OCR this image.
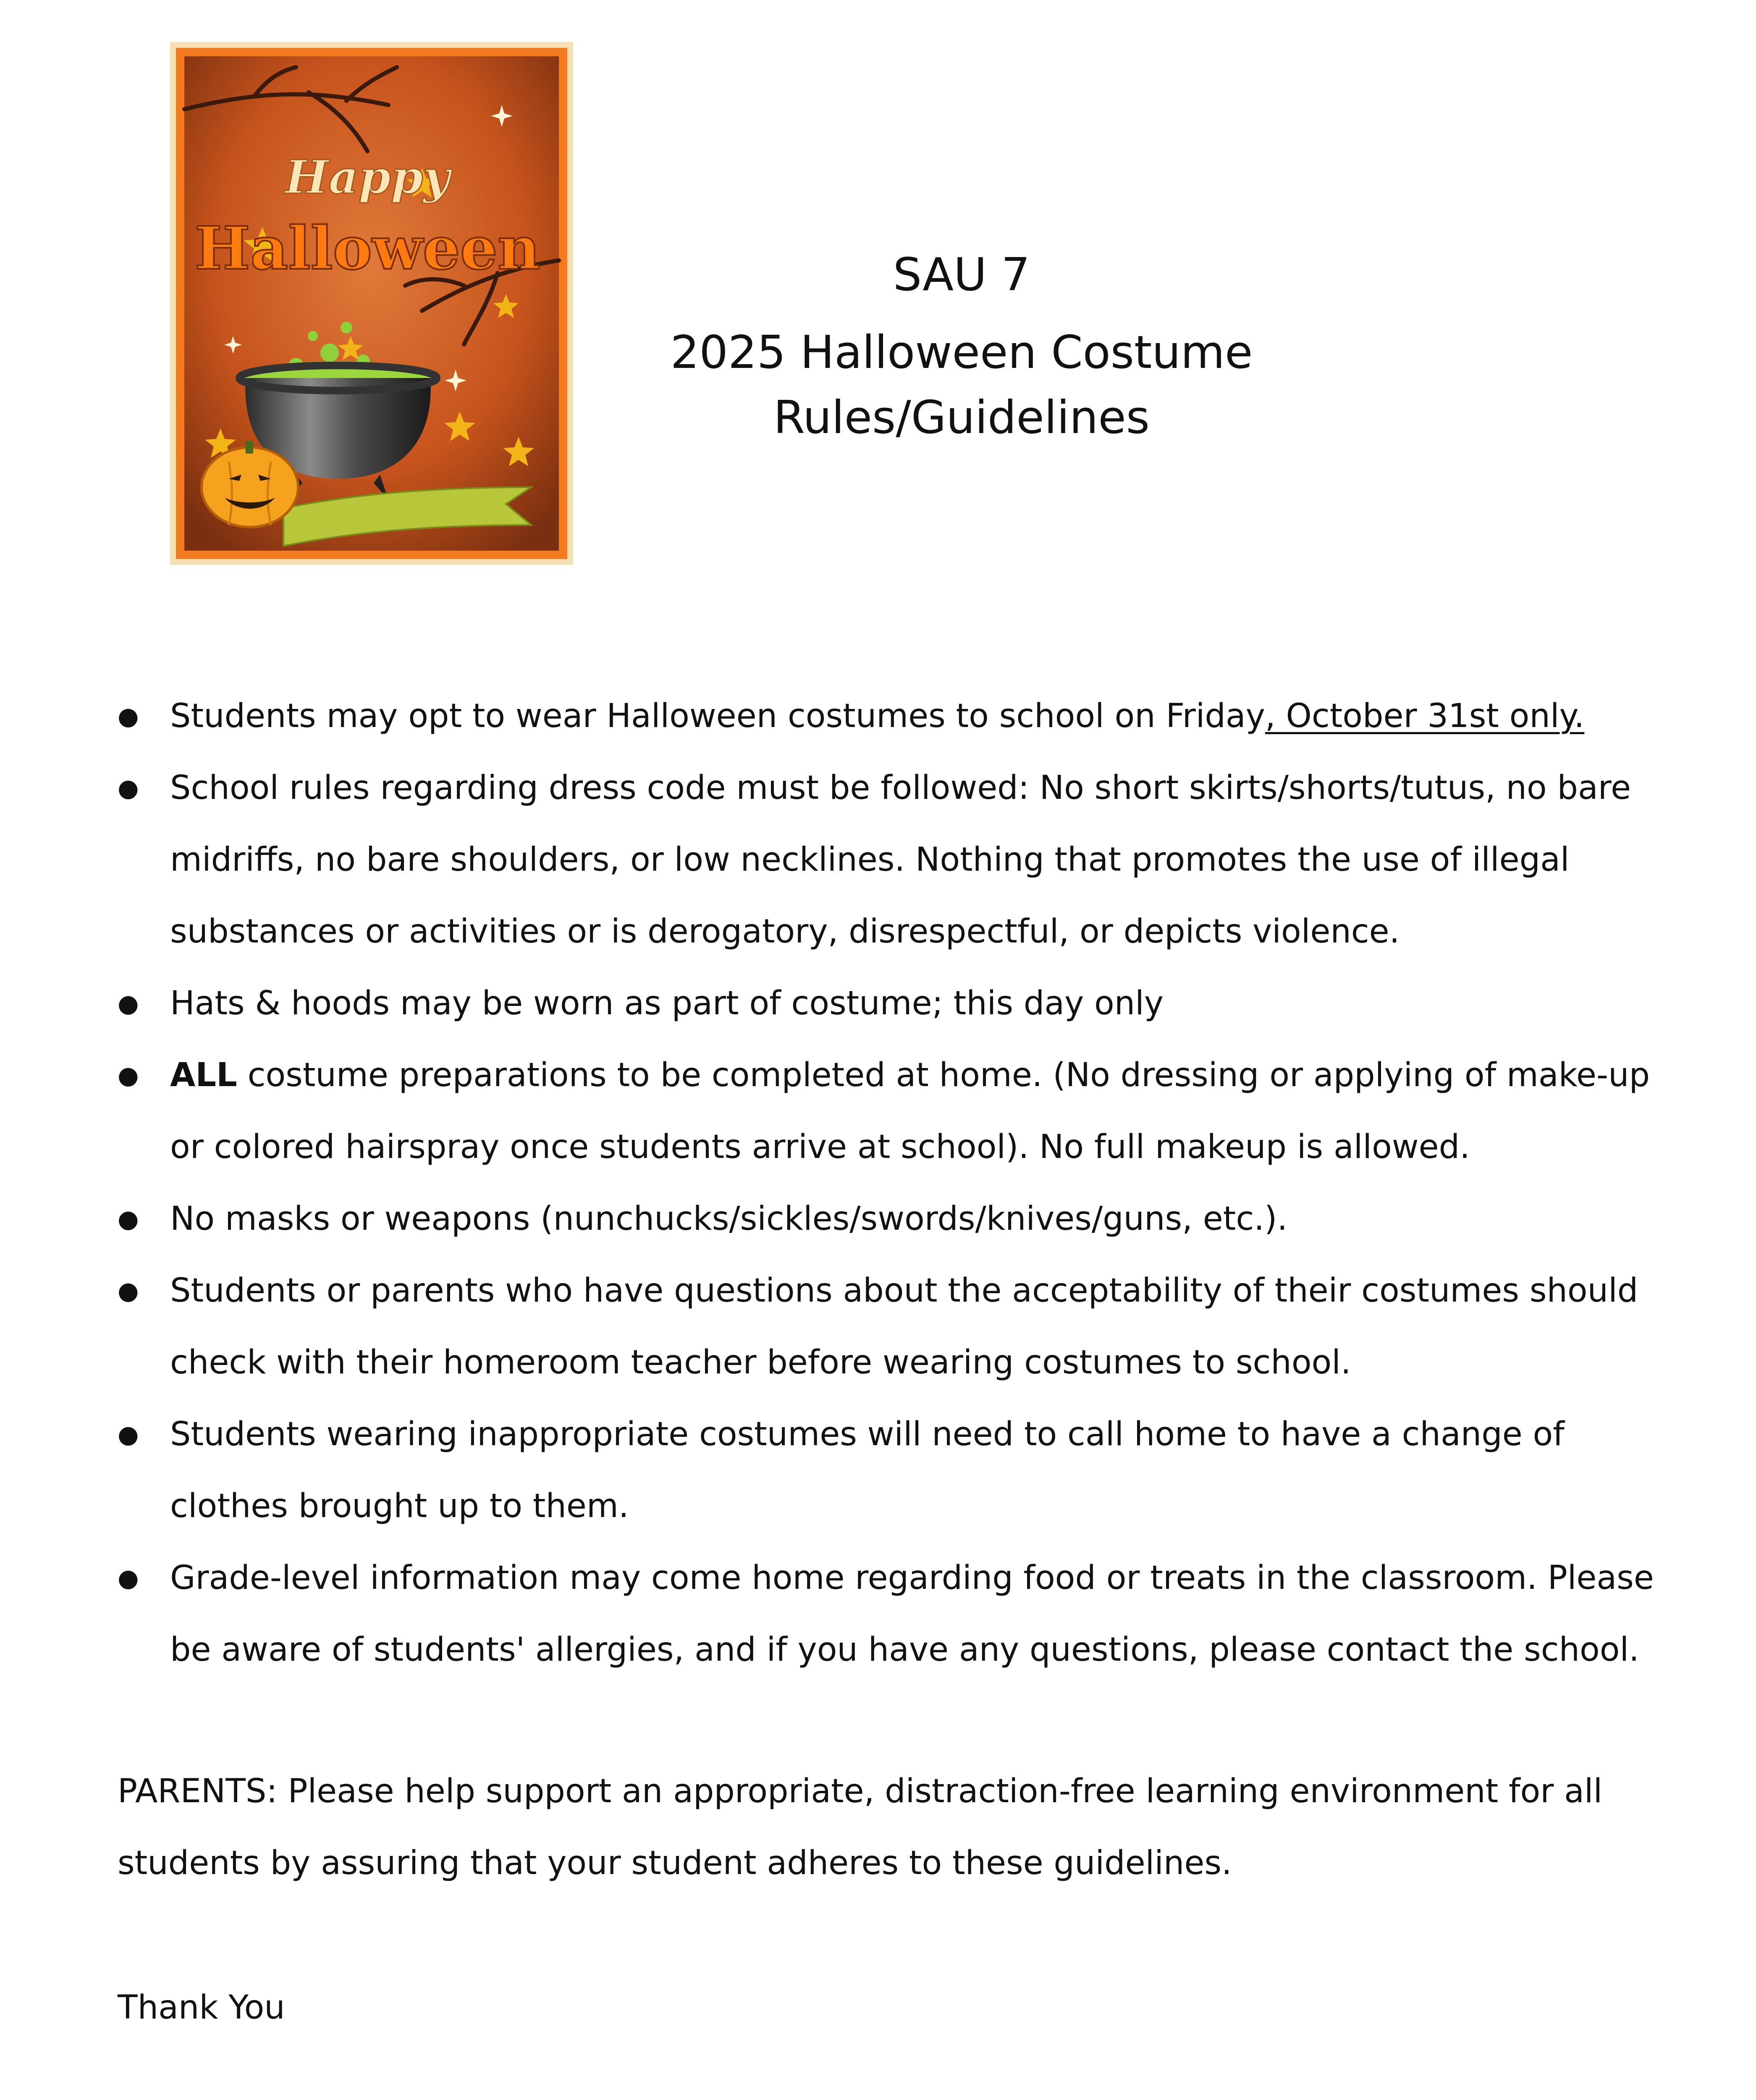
Happy
Halloween	SAU 7
2025 Halloween Costume
Rules/Guidelines
● Students may opt to wear Halloween costumes to school on Friday, October 31st only.
● School rules regarding dress code must be followed: No short skirts/shorts/tutus, no bare midriffs, no bare shoulders, or low necklines. Nothing that promotes the use of illegal substances or activities or is derogatory, disrespectful, or depicts violence.
● Hats & hoods may be worn as part of costume; this day only
● ALL costume preparations to be completed at home. (No dressing or applying of make-up or colored hairspray once students arrive at school). No full makeup is allowed.
● No masks or weapons (nunchucks/sickles/swords/knives/guns, etc.).
● Students or parents who have questions about the acceptability of their costumes should check with their homeroom teacher before wearing costumes to school.
● Students wearing inappropriate costumes will need to call home to have a change of clothes brought up to them.
● Grade-level information may come home regarding food or treats in the classroom. Please be aware of students' allergies, and if you have any questions, please contact the school.

PARENTS: Please help support an appropriate, distraction-free learning environment for all students by assuring that your student adheres to these guidelines.

Thank You
